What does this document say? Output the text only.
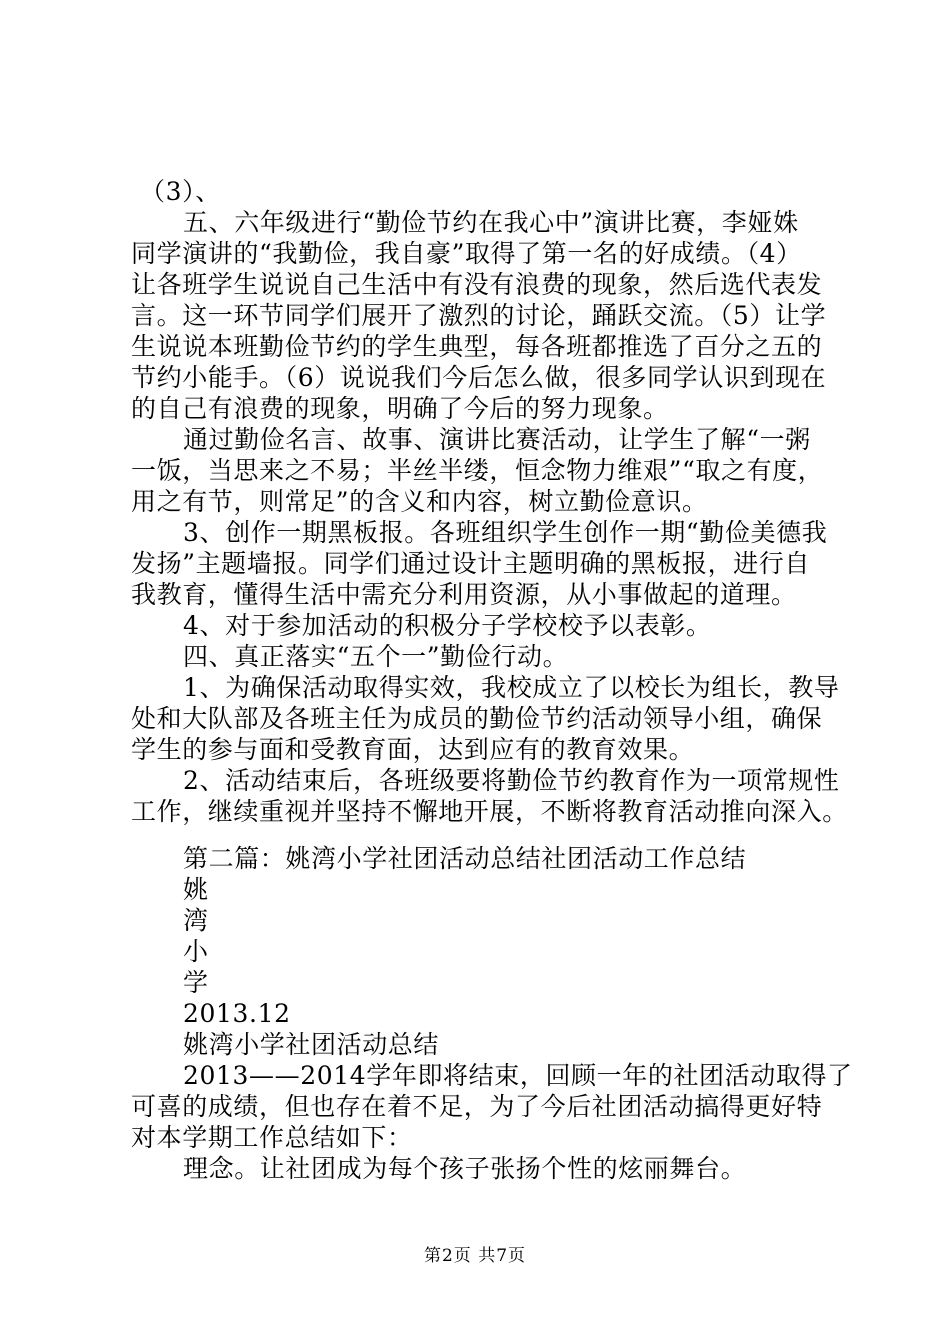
（3）、
五、六年级进行“勤俭节约在我心中”演讲比赛，李娅姝
同学演讲的“我勤俭，我自豪”取得了第一名的好成绩。（4）
让各班学生说说自己生活中有没有浪费的现象，然后选代表发
言。这一环节同学们展开了激烈的讨论，踊跃交流。（5）让学
生说说本班勤俭节约的学生典型，每各班都推选了百分之五的
节约小能手。（6）说说我们今后怎么做，很多同学认识到现在
的自己有浪费的现象，明确了今后的努力现象。
通过勤俭名言、故事、演讲比赛活动，让学生了解“一粥
一饭，当思来之不易；半丝半缕，恒念物力维艰”“取之有度，
用之有节，则常足”的含义和内容，树立勤俭意识。
3、创作一期黑板报。各班组织学生创作一期“勤俭美德我
发扬”主题墙报。同学们通过设计主题明确的黑板报，进行自
我教育，懂得生活中需充分利用资源，从小事做起的道理。
4、对于参加活动的积极分子学校校予以表彰。
四、真正落实“五个一”勤俭行动。
1、为确保活动取得实效，我校成立了以校长为组长，教导
处和大队部及各班主任为成员的勤俭节约活动领导小组，确保
学生的参与面和受教育面，达到应有的教育效果。
2、活动结束后，各班级要将勤俭节约教育作为一项常规性
工作，继续重视并坚持不懈地开展，不断将教育活动推向深入。
第二篇：姚湾小学社团活动总结社团活动工作总结
姚
湾
小
学
2013.12
姚湾小学社团活动总结
2013——2014学年即将结束，回顾一年的社团活动取得了
可喜的成绩，但也存在着不足，为了今后社团活动搞得更好特
对本学期工作总结如下：
理念。让社团成为每个孩子张扬个性的炫丽舞台。
第2页 共7页
